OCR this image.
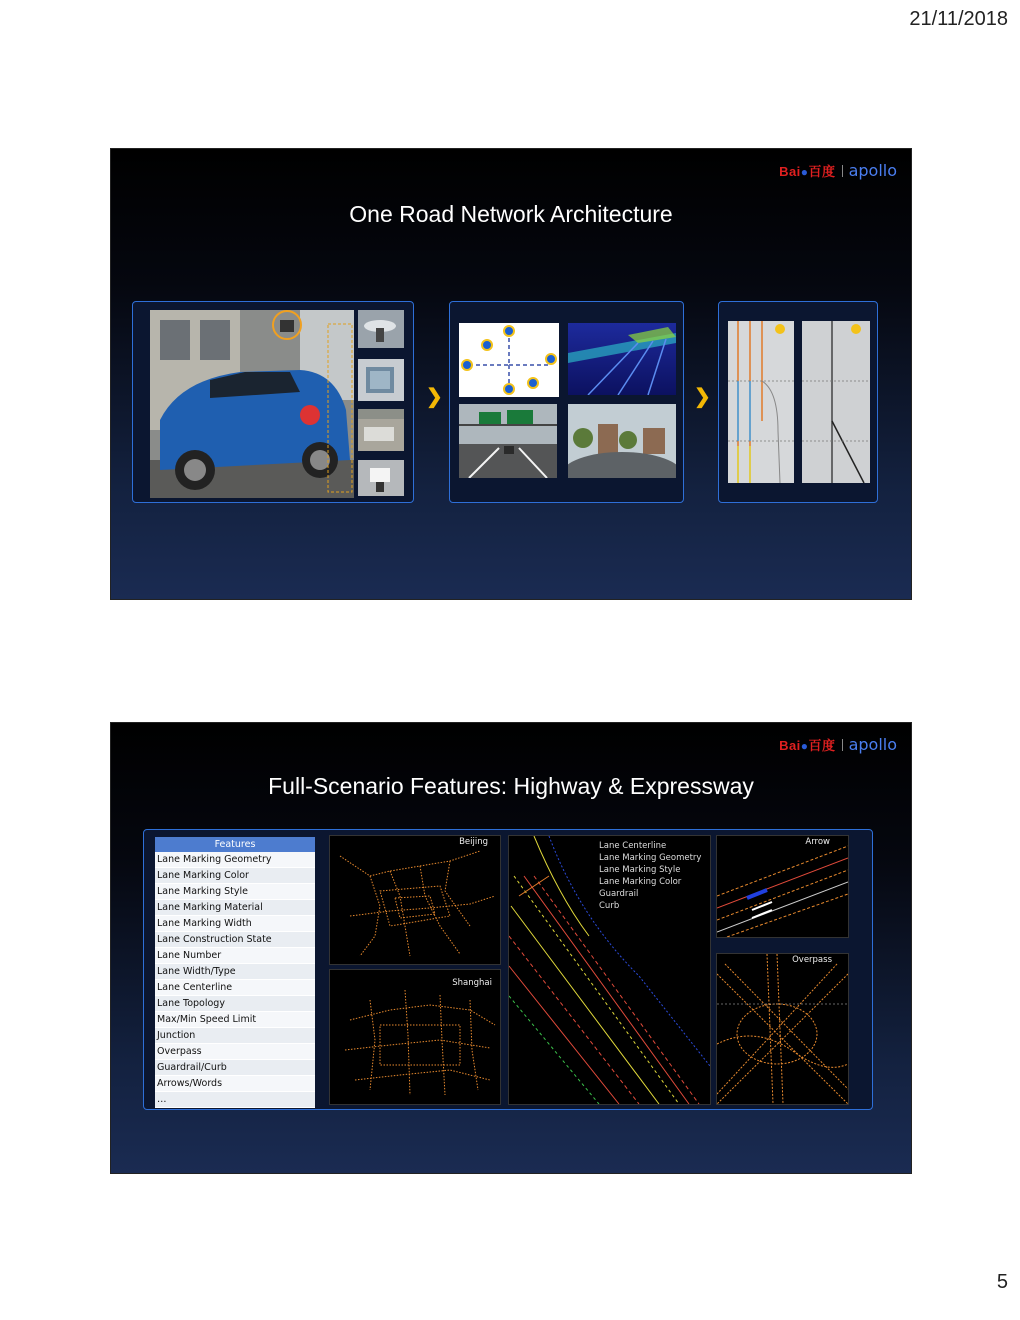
21/11/2018
Bai●百度 apollo
One Road Network Architecture
❯	❯
Bai●百度 apollo
Full-Scenario Features: Highway & Expressway
Features
Lane Marking Geometry
Lane Marking Color
Lane Marking Style
Lane Marking Material
Lane Marking Width
Lane Construction State
Lane Number
Lane Width/Type
Lane Centerline
Lane Topology
Max/Min Speed Limit
Junction
Overpass
Guardrail/Curb
Arrows/Words
…
Beijing
Shanghai
Lane Centerline
Lane Marking Geometry
Lane Marking Style
Lane Marking Color
Guardrail
Curb
Arrow
Overpass
5
